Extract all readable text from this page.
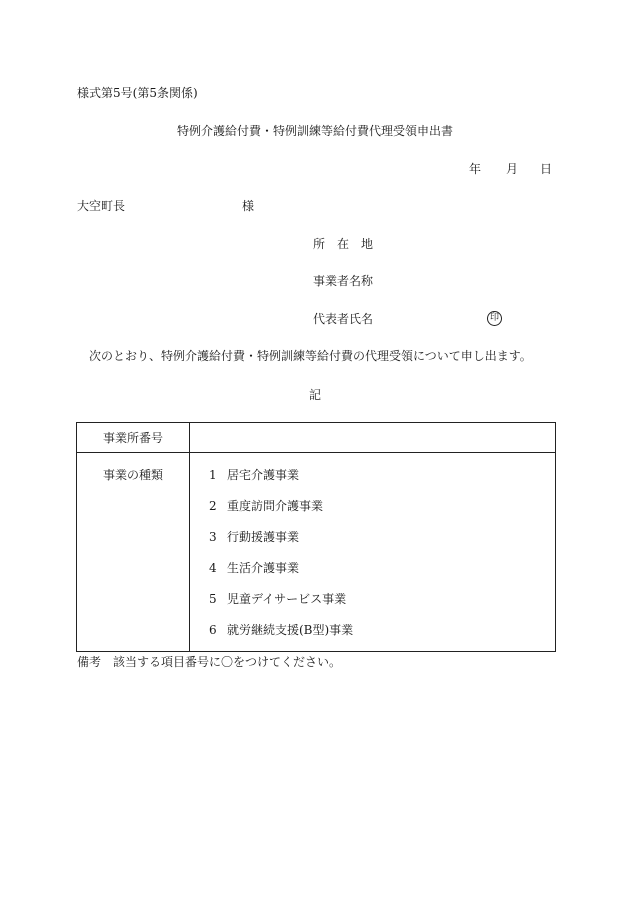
様式第5号(第5条関係)
特例介護給付費・特例訓練等給付費代理受領申出書
年 月 日
大空町長	様
所　在　地
事業者名称
代表者氏名	印
次のとおり、特例介護給付費・特例訓練等給付費の代理受領について申し出ます。
記
事業所番号
事業の種類	1 居宅介護事業
2 重度訪問介護事業
3 行動援護事業
4 生活介護事業
5 児童デイサービス事業
6 就労継続支援(B型)事業
備考　該当する項目番号に〇をつけてください。
